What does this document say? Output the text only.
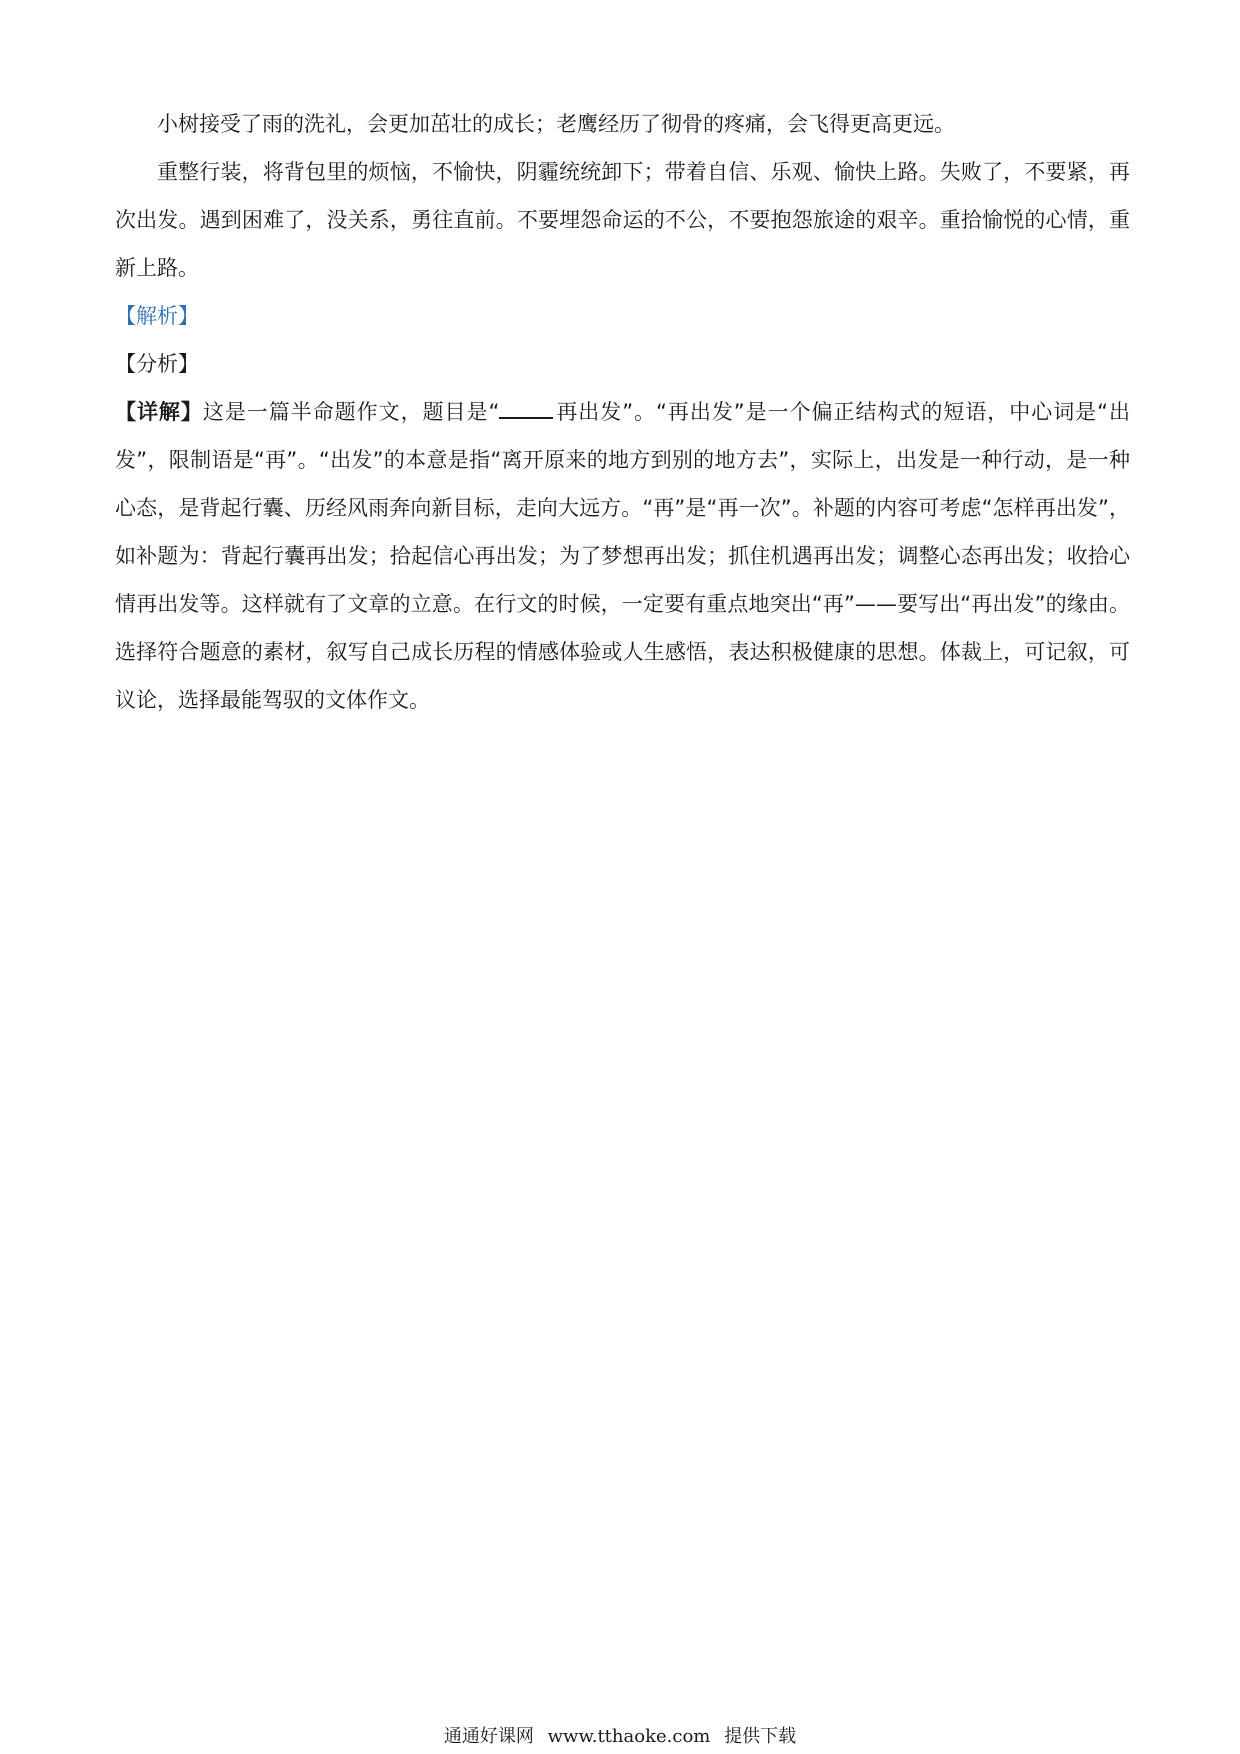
小树接受了雨的洗礼，会更加茁壮的成长；老鹰经历了彻骨的疼痛，会飞得更高更远。

重整行装，将背包里的烦恼，不愉快，阴霾统统卸下；带着自信、乐观、愉快上路。失败了，不要紧，再次出发。遇到困难了，没关系，勇往直前。不要埋怨命运的不公，不要抱怨旅途的艰辛。重拾愉悦的心情，重新上路。

【解析】

【分析】

【详解】这是一篇半命题作文，题目是“	再出发”。“再出发”是一个偏正结构式的短语，中心词是“出发”，限制语是“再”。“出发”的本意是指“离开原来的地方到别的地方去”，实际上，出发是一种行动，是一种心态，是背起行囊、历经风雨奔向新目标，走向大远方。“再”是“再一次”。补题的内容可考虑“怎样再出发”，如补题为：背起行囊再出发；拾起信心再出发；为了梦想再出发；抓住机遇再出发；调整心态再出发；收拾心情再出发等。这样就有了文章的立意。在行文的时候，一定要有重点地突出“再”——要写出“再出发”的缘由。选择符合题意的素材，叙写自己成长历程的情感体验或人生感悟，表达积极健康的思想。体裁上，可记叙，可议论，选择最能驾驭的文体作文。

通通好课网 www.tthaoke.com 提供下载
